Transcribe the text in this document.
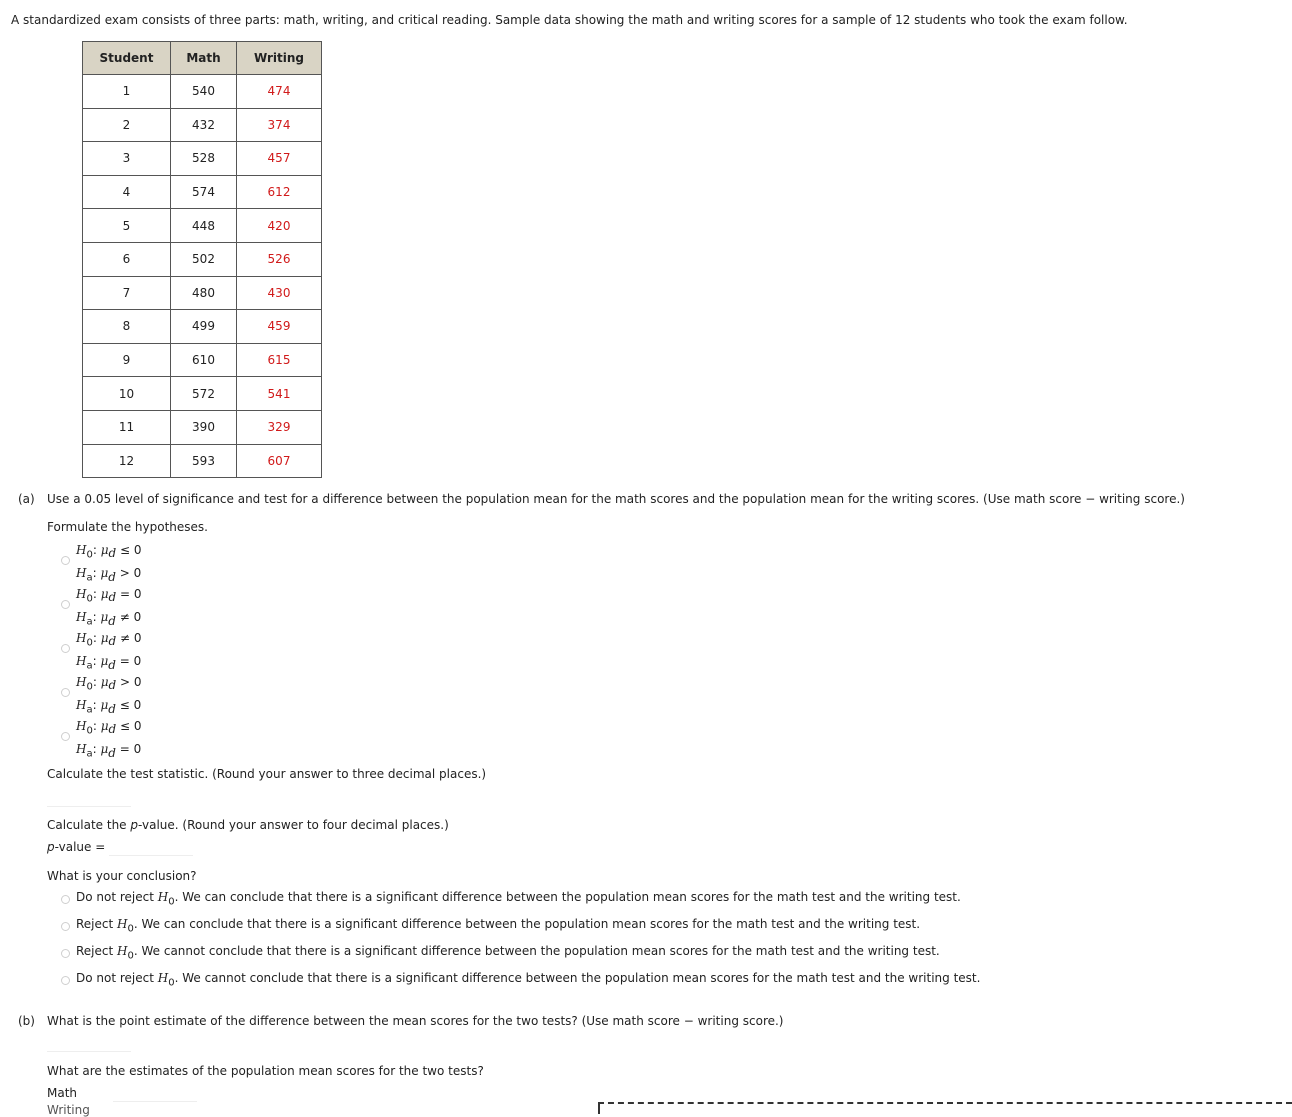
A standardized exam consists of three parts: math, writing, and critical reading. Sample data showing the math and writing scores for a sample of 12 students who took the exam follow.
Student	Math	Writing
1	540	474
2	432	374
3	528	457
4	574	612
5	448	420
6	502	526
7	480	430
8	499	459
9	610	615
10	572	541
11	390	329
12	593	607
(a) Use a 0.05 level of significance and test for a difference between the population mean for the math scores and the population mean for the writing scores. (Use math score − writing score.)
Formulate the hypotheses.
$H_0$: $\mu_d \le 0$
$H_a$: $\mu_d > 0$
$H_0$: $\mu_d = 0$
$H_a$: $\mu_d \ne 0$
$H_0$: $\mu_d \ne 0$
$H_a$: $\mu_d = 0$
$H_0$: $\mu_d > 0$
$H_a$: $\mu_d \le 0$
$H_0$: $\mu_d \le 0$
$H_a$: $\mu_d = 0$
Calculate the test statistic. (Round your answer to three decimal places.)
Calculate the p-value. (Round your answer to four decimal places.)
p-value =
What is your conclusion?
Do not reject $H_0$. We can conclude that there is a significant difference between the population mean scores for the math test and the writing test.
Reject $H_0$. We can conclude that there is a significant difference between the population mean scores for the math test and the writing test.
Reject $H_0$. We cannot conclude that there is a significant difference between the population mean scores for the math test and the writing test.
Do not reject $H_0$. We cannot conclude that there is a significant difference between the population mean scores for the math test and the writing test.
(b) What is the point estimate of the difference between the mean scores for the two tests? (Use math score − writing score.)
What are the estimates of the population mean scores for the two tests?
Math
Writing
